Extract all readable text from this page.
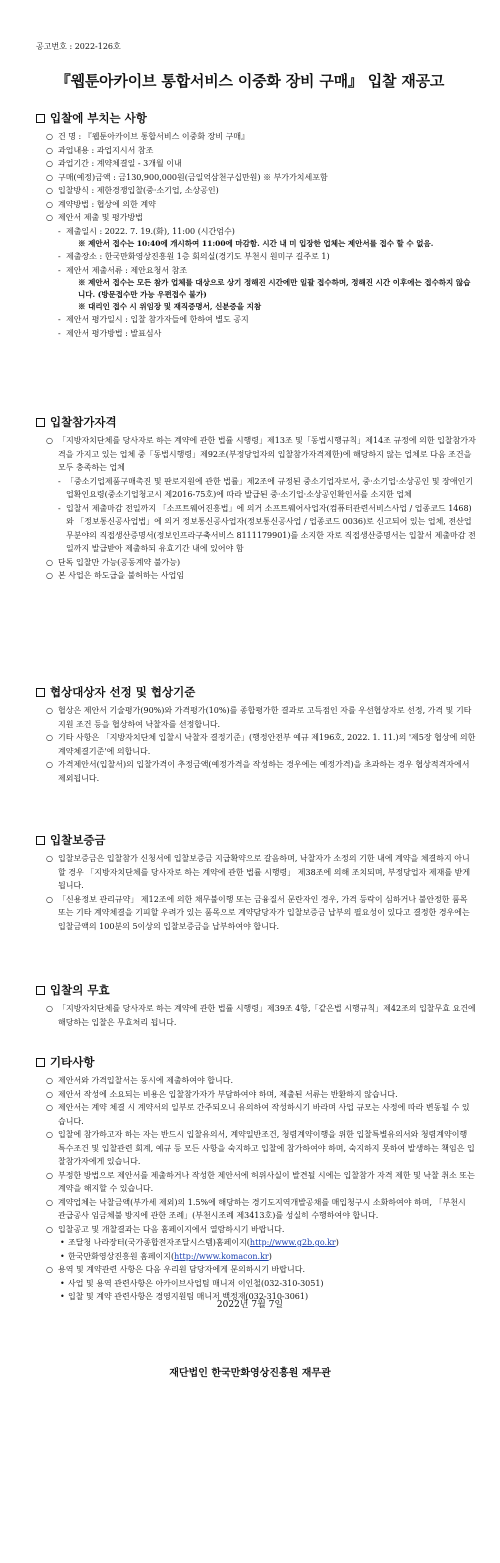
공고번호 : 2022-126호
『웹툰아카이브 통합서비스 이중화 장비 구매』 입찰 재공고
입찰에 부치는 사항
○ 건 명 : 『웹툰아카이브 통합서비스 이중화 장비 구매』
○ 과업내용 : 과업지시서 참조
○ 과업기간 : 계약체결일 - 3개월 이내
○ 구매(예정)금액 : 금130,900,000원(금일억삼천구십만원) ※ 부가가치세포함
○ 입찰방식 : 제한경쟁입찰(중·소기업, 소상공인)
○ 계약방법 : 협상에 의한 계약
○ 제안서 제출 및 평가방법
- 제출일시 : 2022. 7. 19.(화), 11:00 (시간엄수)
※ 제안서 접수는 10:40에 개시하여 11:00에 마감함. 시간 내 미 입장한 업체는 제안서를 접수 할 수 없음.
- 제출장소 : 한국만화영상진흥원 1층 회의실(경기도 부천시 원미구 길주로 1)
- 제안서 제출서류 : 제안요청서 참조
※ 제안서 접수는 모든 참가 업체를 대상으로 상기 정해진 시간에만 일괄 접수하며, 정해진 시간 이후에는 접수하지 않습니다. (방문접수만 가능 우편접수 불가)
※ 대리인 접수 시 위임장 및 재직증명서, 신분증을 지참
- 제안서 평가일시 : 입찰 참가자들에 한하여 별도 공지
- 제안서 평가방법 : 발표심사
입찰참가자격
○ 「지방자치단체를 당사자로 하는 계약에 관한 법률 시행령」제13조 및「동법시행규칙」제14조 규정에 의한 입찰참가자격을 가지고 있는 업체 중「동법시행령」제92조(부정당업자의 입찰참가자격제한)에 해당하지 않는 업체로 다음 조건을 모두 충족하는 업체
- 「중소기업제품구매촉진 및 판로지원에 관한 법률」제2조에 규정된 중소기업자로서, 중·소기업·소상공인 및 장애인기업확인요령(중소기업청고시 제2016-75호)에 따라 발급된 중·소기업·소상공인확인서를 소지한 업체
- 입찰서 제출마감 전일까지 「소프트웨어진흥법」에 의거 소프트웨어사업자(컴퓨터관련서비스사업 / 업종코드 1468)와 「정보통신공사업법」에 의거 정보통신공사업자(정보통신공사업 / 업종코드 0036)로 신고되어 있는 업체, 전산업무분야의 직접생산증명서(정보인프라구축서비스 8111179901)를 소지한 자로 직접생산증명서는 입찰서 제출마감 전일까지 발급받아 제출하되 유효기간 내에 있어야 함
○ 단독 입찰만 가능(공동계약 불가능)
○ 본 사업은 하도급을 불허하는 사업임
협상대상자 선정 및 협상기준
○ 협상은 제안서 기술평가(90%)와 가격평가(10%)를 종합평가한 결과로 고득점인 자를 우선협상자로 선정, 가격 및 기타 지원 조건 등을 협상하여 낙찰자를 선정합니다.
○ 기타 사항은 「지방자치단체 입찰시 낙찰자 결정기준」(행정안전부 예규 제196호, 2022. 1. 11.)의 '제5장 협상에 의한 계약체결기준'에 의합니다.
○ 가격제안서(입찰서)의 입찰가격이 추정금액(예정가격을 작성하는 경우에는 예정가격)을 초과하는 경우 협상적격자에서 제외됩니다.
입찰보증금
○ 입찰보증금은 입찰참가 신청서에 입찰보증금 지급확약으로 갈음하며, 낙찰자가 소정의 기한 내에 계약을 체결하지 아니할 경우 「지방자치단체를 당사자로 하는 계약에 관한 법률 시행령」 제38조에 의해 조치되며, 부정당업자 제재를 받게 됩니다.
○ 「신용정보 관리규약」 제12조에 의한 채무불이행 또는 금융질서 문란자인 경우, 가격 등락이 심하거나 불안정한 품목 또는 기타 계약체결을 기피할 우려가 있는 품목으로 계약담당자가 입찰보증금 납부의 필요성이 있다고 결정한 경우에는 입찰금액의 100분의 5이상의 입찰보증금을 납부하여야 합니다.
입찰의 무효
○ 「지방자치단체를 당사자로 하는 계약에 관한 법률 시행령」제39조 4항,「같은법 시행규칙」제42조의 입찰무효 요건에 해당하는 입찰은 무효처리 됩니다.
기타사항
○ 제안서와 가격입찰서는 동시에 제출하여야 합니다.
○ 제안서 작성에 소요되는 비용은 입찰참가자가 부담하여야 하며, 제출된 서류는 반환하지 않습니다.
○ 제안서는 계약 체결 시 계약서의 일부로 간주되오니 유의하여 작성하시기 바라며 사업 규모는 사정에 따라 변동될 수 있습니다.
○ 입찰에 참가하고자 하는 자는 반드시 입찰유의서, 계약일반조건, 청렴계약이행을 위한 입찰특별유의서와 청렴계약이행 특수조건 및 입찰관련 회계, 예규 등 모든 사항을 숙지하고 입찰에 참가하여야 하며, 숙지하지 못하여 발생하는 책임은 입찰참가자에게 있습니다.
○ 부정한 방법으로 제안서를 제출하거나 작성한 제안서에 허위사실이 발견될 시에는 입찰참가 자격 제한 및 낙찰 취소 또는 계약을 해지할 수 있습니다.
○ 계약업체는 낙찰금액(부가세 제외)의 1.5%에 해당하는 경기도지역개발공채를 매입청구시 소화하여야 하며, 「부천시 관급공사 임금체불 방지에 관한 조례」(부천시조례 제3413호)를 성실히 수행하여야 합니다.
○ 입찰공고 및 개찰결과는 다음 홈페이지에서 열람하시기 바랍니다.
• 조달청 나라장터(국가종합전자조달시스템)홈페이지(http://www.g2b.go.kr)
• 한국만화영상진흥원 홈페이지(http://www.komacon.kr)
○ 용역 및 계약관련 사항은 다음 우리원 담당자에게 문의하시기 바랍니다.
• 사업 및 용역 관련사항은 아카이브사업팀 매니저 이인철(032-310-3051)
• 입찰 및 계약 관련사항은 경영지원팀 매니저 백정재(032-310-3061)
2022년 7월 7일
재단법인 한국만화영상진흥원 재무관
